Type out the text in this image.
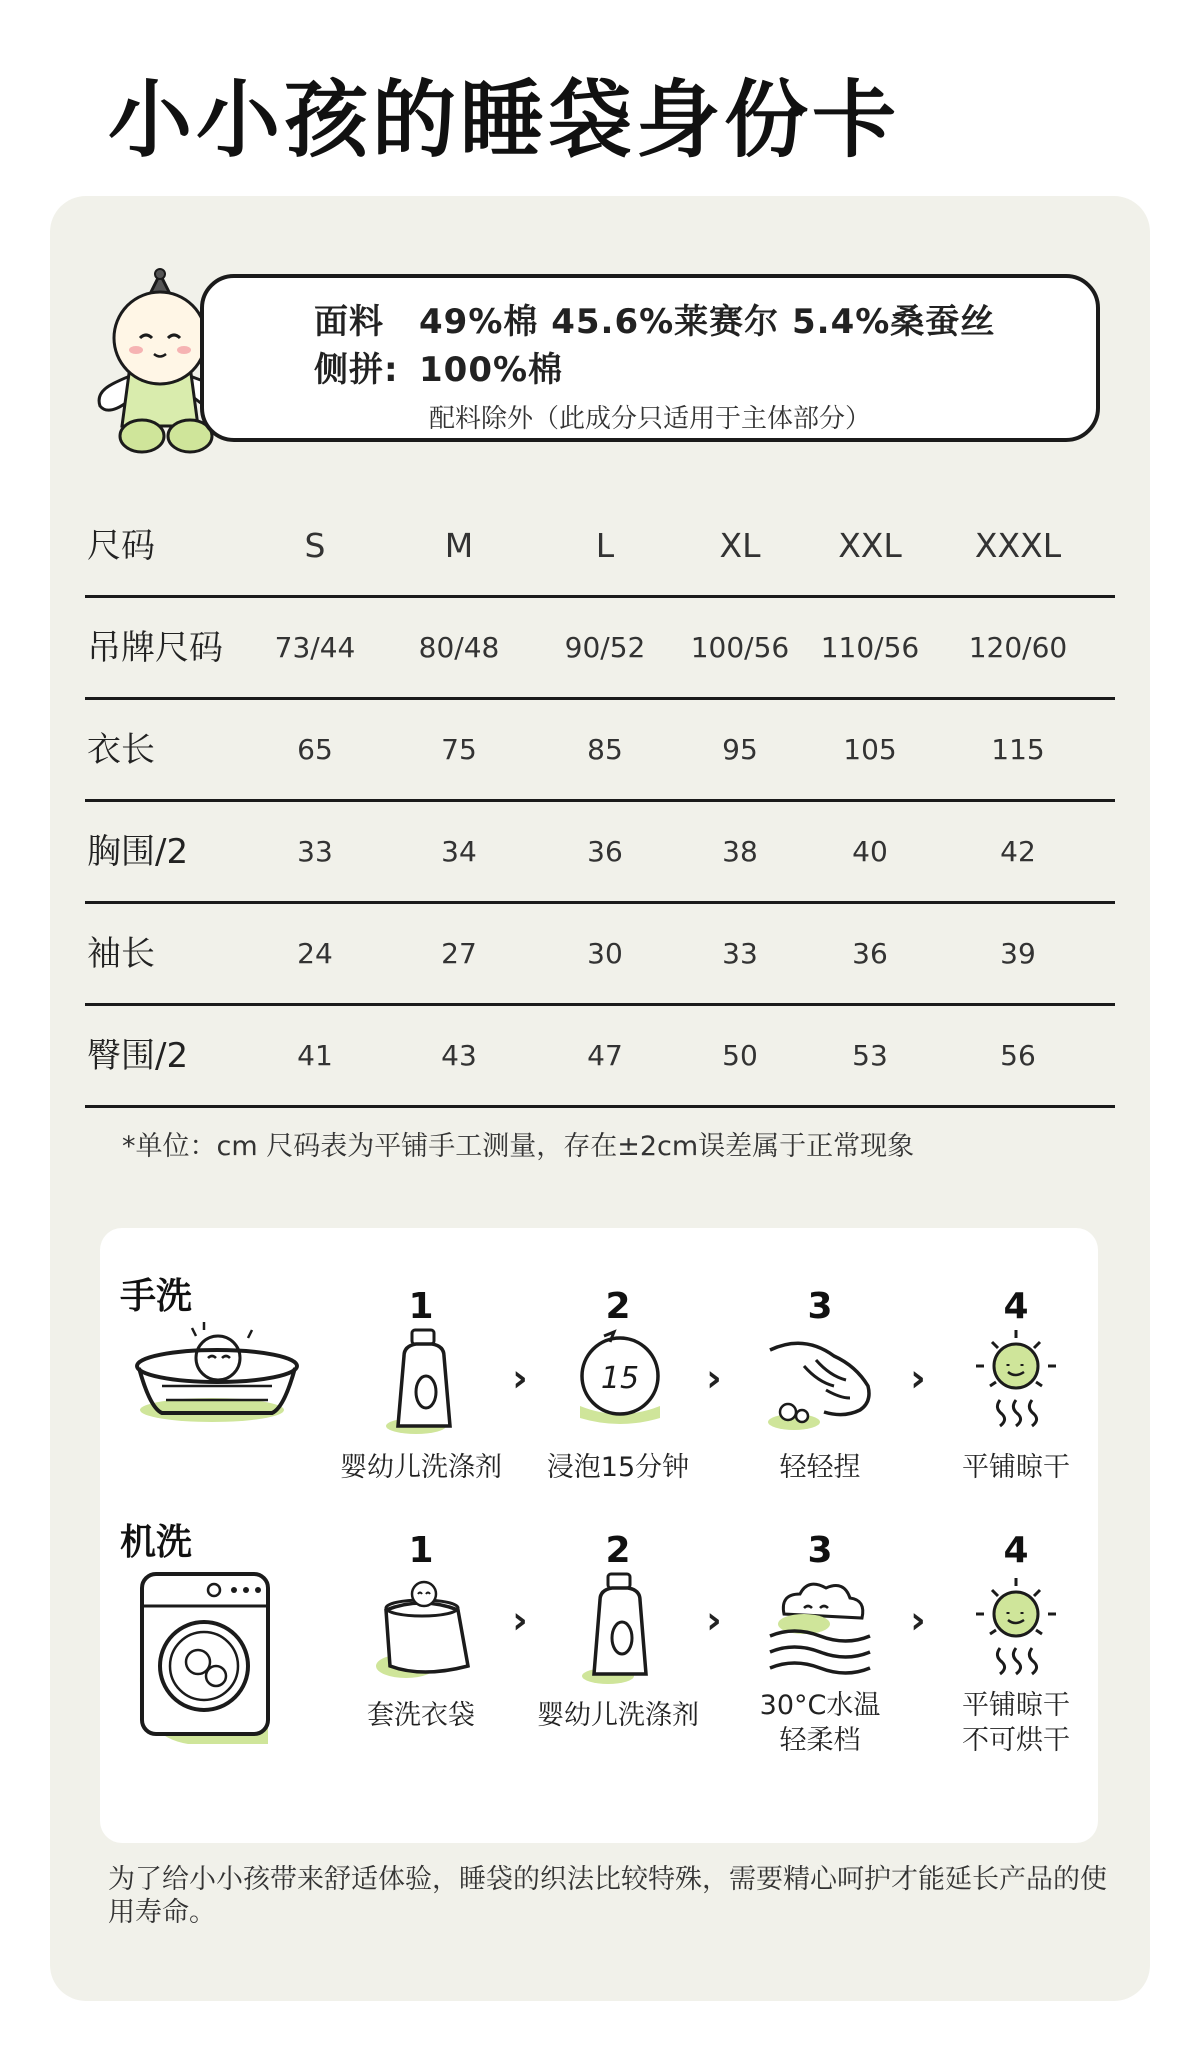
小小孩的睡袋身份卡
面料 49%棉 45.6%莱赛尔 5.4%桑蚕丝
侧拼: 100%棉
配料除外（此成分只适用于主体部分）
尺码	S	M	L	XL	XXL	XXXL
吊牌尺码	73/44	80/48	90/52	100/56	110/56	120/60
衣长	65	75	85	95	105	115
胸围/2	33	34	36	38	40	42
袖长	24	27	30	33	36	39
臀围/2	41	43	47	50	53	56
*单位：cm 尺码表为平铺手工测量，存在±2cm误差属于正常现象
手洗	1
婴幼儿洗涤剂
›
2
15
浸泡15分钟
›
3
轻轻捏
›
4
平铺晾干
机洗	1
套洗衣袋
›
2
婴幼儿洗涤剂
›
3
30°C水温
轻柔档
›
4
平铺晾干
不可烘干
为了给小小孩带来舒适体验，睡袋的织法比较特殊，需要精心呵护才能延长产品的使用寿命。
